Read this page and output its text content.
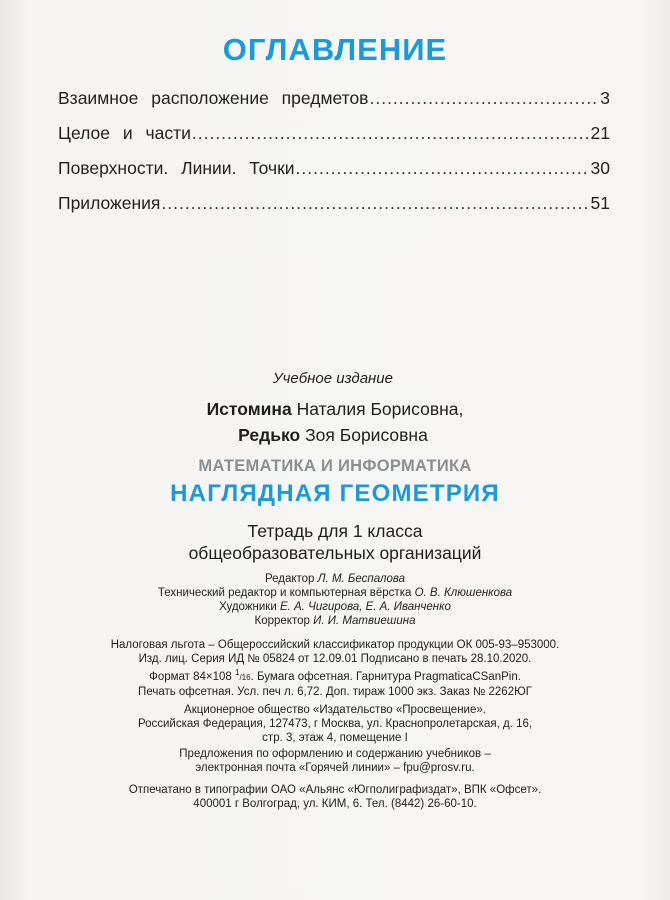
ОГЛАВЛЕНИЕ
Взаимное расположение предметов .....	3
Целое и части .....	21
Поверхности. Линии. Точки .....	30
Приложения .....	51
Учебное издание
Истомина Наталия Борисовна,
Редько Зоя Борисовна
МАТЕМАТИКА И ИНФОРМАТИКА
НАГЛЯДНАЯ ГЕОМЕТРИЯ
Тетрадь для 1 класса
общеобразовательных организаций
Редактор Л. М. Беспалова
Технический редактор и компьютерная вёрстка О. В. Клюшенкова
Художники Е. А. Чигирова, Е. А. Иванченко
Корректор И. И. Матвиешина
Налоговая льгота – Общероссийский классификатор продукции ОК 005-93–953000.
Изд. лиц. Серия ИД № 05824 от 12.09.01 Подписано в печать 28.10.2020.
Формат 84×108 $^1$/16. Бумага офсетная. Гарнитура PragmaticaCSanPin.
Печать офсетная. Усл. печ л. 6,72. Доп. тираж 1000 экз. Заказ № 2262ЮГ
Акционерное общество «Издательство «Просвещение».
Российская Федерация, 127473, г Москва, ул. Краснопролетарская, д. 16,
стр. 3, этаж 4, помещение I
Предложения по оформлению и содержанию учебников –
электронная почта «Горячей линии» – fpu@prosv.ru.
Отпечатано в типографии ОАО «Альянс «Югполиграфиздат», ВПК «Офсет».
400001 г Волгоград, ул. КИМ, 6. Тел. (8442) 26-60-10.
